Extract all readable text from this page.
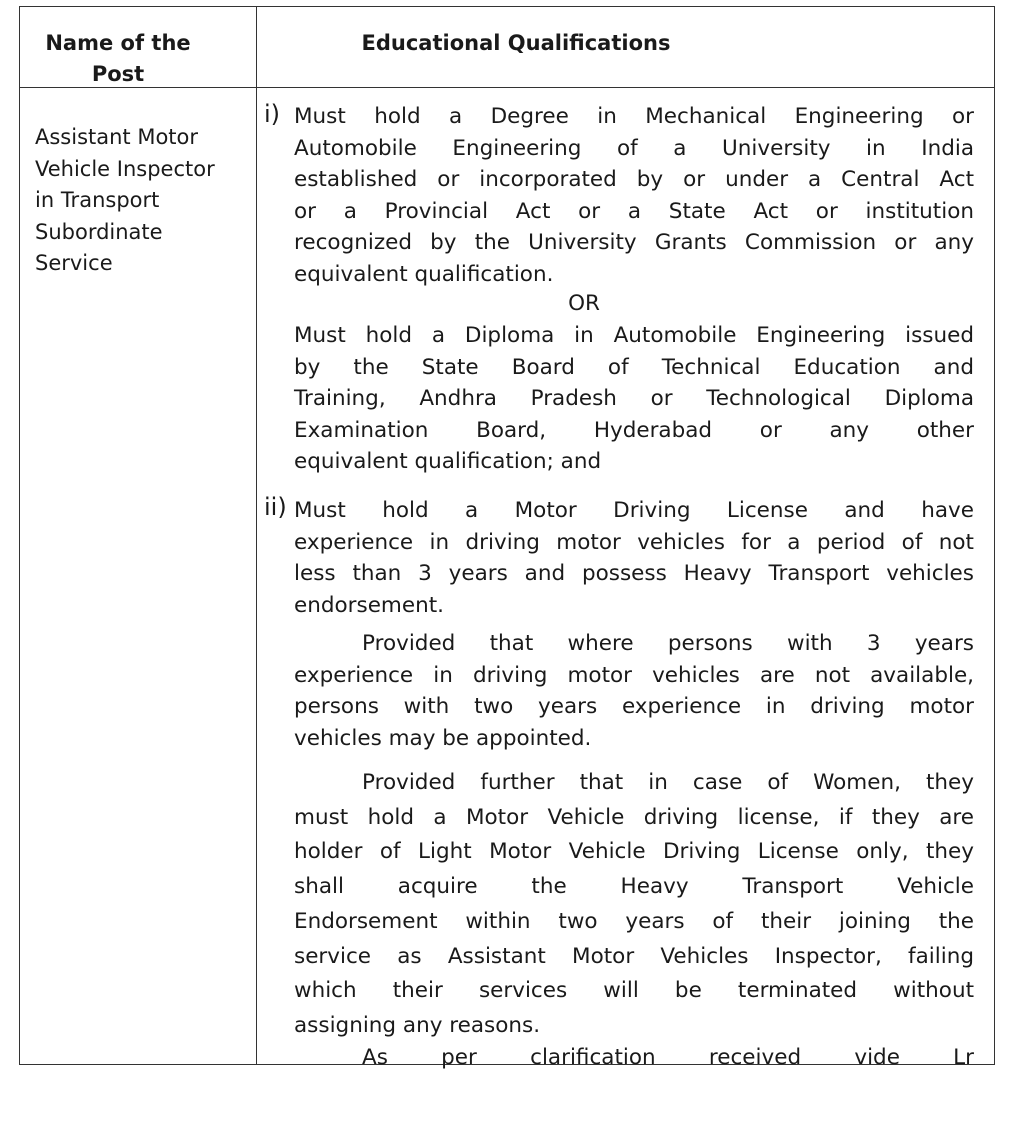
Name of the Post
Educational Qualifications
Assistant Motor
Vehicle Inspector
in Transport
Subordinate
Service
i) Must hold a Degree in Mechanical Engineering or
Automobile Engineering of a University in India
established or incorporated by or under a Central Act
or a Provincial Act or a State Act or institution
recognized by the University Grants Commission or any
equivalent qualification.
OR
Must hold a Diploma in Automobile Engineering issued
by the State Board of Technical Education and
Training, Andhra Pradesh or Technological Diploma
Examination Board, Hyderabad or any other
equivalent qualification; and
ii) Must hold a Motor Driving License and have
experience in driving motor vehicles for a period of not
less than 3 years and possess Heavy Transport vehicles
endorsement.
Provided that where persons with 3 years
experience in driving motor vehicles are not available,
persons with two years experience in driving motor
vehicles may be appointed.
Provided further that in case of Women, they
must hold a Motor Vehicle driving license, if they are
holder of Light Motor Vehicle Driving License only, they
shall acquire the Heavy Transport Vehicle
Endorsement within two years of their joining the
service as Assistant Motor Vehicles Inspector, failing
which their services will be terminated without
assigning any reasons.
As per clarification received vide Lr
